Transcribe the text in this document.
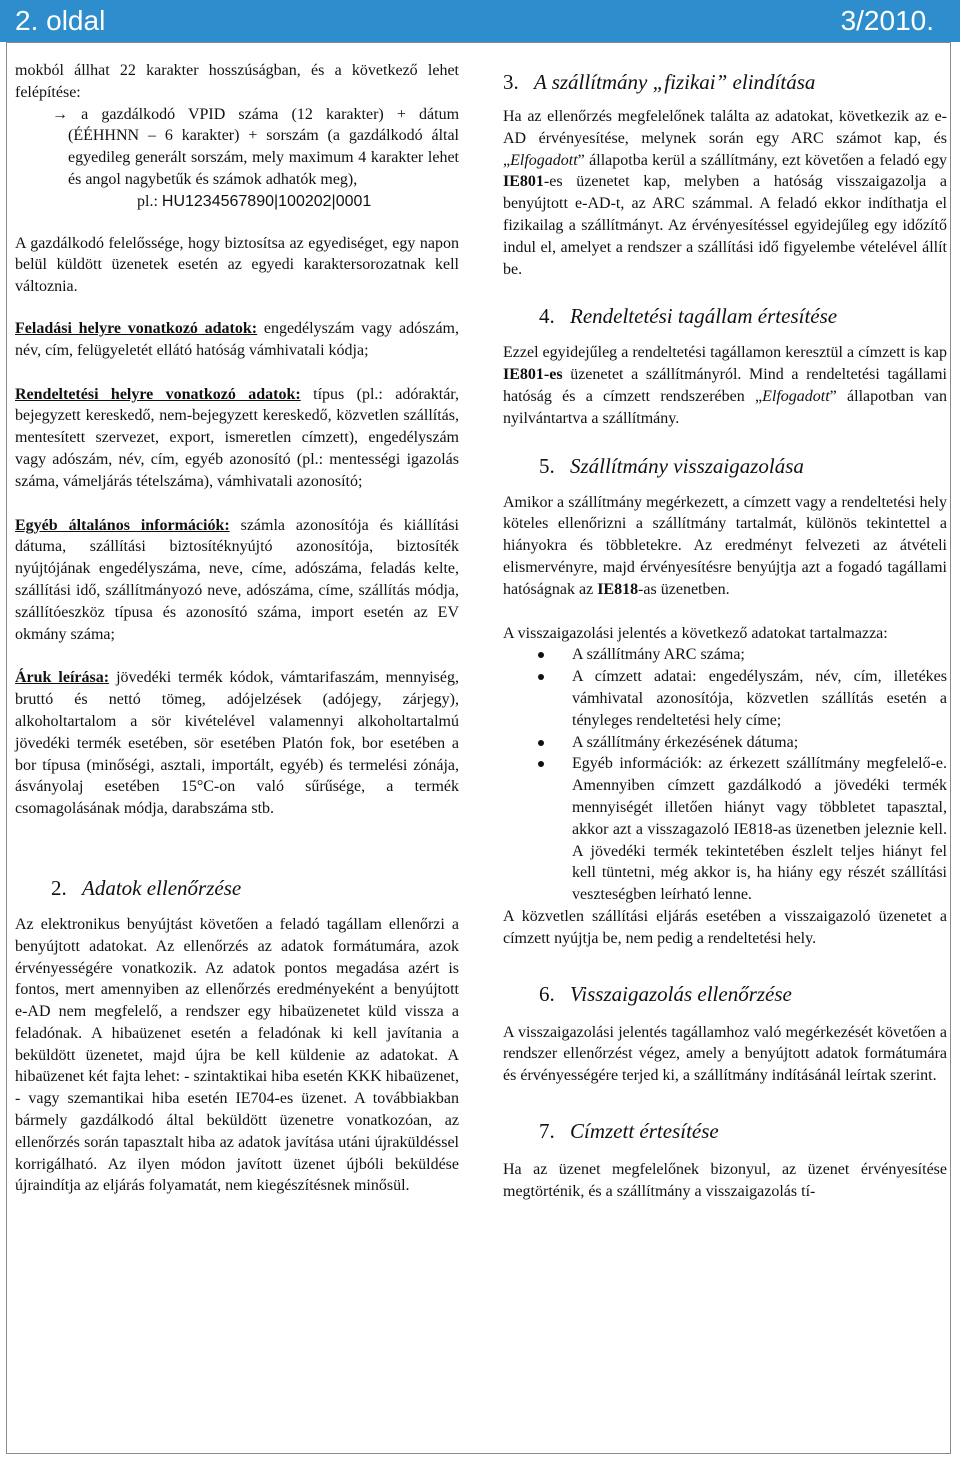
2. oldal	3/2010.

mokból állhat 22 karakter hosszúságban, és a következő lehet felépítése:

→ a gazdálkodó VPID száma (12 karakter) + dátum (ÉÉHHNN – 6 karakter) + sorszám (a gazdálkodó által egyedileg generált sorszám, mely maximum 4 karakter lehet és angol nagybetűk és számok adhatók meg),

pl.: HU1234567890|100202|0001

A gazdálkodó felelőssége, hogy biztosítsa az egyediséget, egy napon belül küldött üzenetek esetén az egyedi karaktersorozatnak kell változnia.

Feladási helyre vonatkozó adatok: engedélyszám vagy adószám, név, cím, felügyeletét ellátó hatóság vámhivatali kódja;

Rendeltetési helyre vonatkozó adatok: típus (pl.: adóraktár, bejegyzett kereskedő, nem-bejegyzett kereskedő, közvetlen szállítás, mentesített szervezet, export, ismeretlen címzett), engedélyszám vagy adószám, név, cím, egyéb azonosító (pl.: mentességi igazolás száma, vámeljárás tételszáma), vámhivatali azonosító;

Egyéb általános információk: számla azonosítója és kiállítási dátuma, szállítási biztosítéknyújtó azonosítója, biztosíték nyújtójának engedélyszáma, neve, címe, adószáma, feladás kelte, szállítási idő, szállítmányozó neve, adószáma, címe, szállítás módja, szállítóeszköz típusa és azonosító száma, import esetén az EV okmány száma;

Áruk leírása: jövedéki termék kódok, vámtarifaszám, mennyiség, bruttó és nettó tömeg, adójelzések (adójegy, zárjegy), alkoholtartalom a sör kivételével valamennyi alkoholtartalmú jövedéki termék esetében, sör esetében Platón fok, bor esetében a bor típusa (minőségi, asztali, importált, egyéb) és termelési zónája, ásványolaj esetében 15°C-on való sűrűsége, a termék csomagolásának módja, darabszáma stb.

2. Adatok ellenőrzése

Az elektronikus benyújtást követően a feladó tagállam ellenőrzi a benyújtott adatokat. Az ellenőrzés az adatok formátumára, azok érvényességére vonatkozik. Az adatok pontos megadása azért is fontos, mert amennyiben az ellenőrzés eredményeként a benyújtott e-AD nem megfelelő, a rendszer egy hibaüzenetet küld vissza a feladónak. A hibaüzenet esetén a feladónak ki kell javítania a beküldött üzenetet, majd újra be kell küldenie az adatokat. A hibaüzenet két fajta lehet: - szintaktikai hiba esetén KKK hibaüzenet, - vagy szemantikai hiba esetén IE704-es üzenet. A továbbiakban bármely gazdálkodó által beküldött üzenetre vonatkozóan, az ellenőrzés során tapasztalt hiba az adatok javítása utáni újraküldéssel korrigálható. Az ilyen módon javított üzenet újbóli beküldése újraindítja az eljárás folyamatát, nem kiegészítésnek minősül.

3. A szállítmány „fizikai” elindítása

Ha az ellenőrzés megfelelőnek találta az adatokat, következik az e-AD érvényesítése, melynek során egy ARC számot kap, és „Elfogadott” állapotba kerül a szállítmány, ezt követően a feladó egy IE801-es üzenetet kap, melyben a hatóság visszaigazolja a benyújtott e-AD-t, az ARC számmal. A feladó ekkor indíthatja el fizikailag a szállítmányt. Az érvényesítéssel egyidejűleg egy időzítő indul el, amelyet a rendszer a szállítási idő figyelembe vételével állít be.

4. Rendeltetési tagállam értesítése

Ezzel egyidejűleg a rendeltetési tagállamon keresztül a címzett is kap IE801-es üzenetet a szállítmányról. Mind a rendeltetési tagállami hatóság és a címzett rendszerében „Elfogadott” állapotban van nyilvántartva a szállítmány.

5. Szállítmány visszaigazolása

Amikor a szállítmány megérkezett, a címzett vagy a rendeltetési hely köteles ellenőrizni a szállítmány tartalmát, különös tekintettel a hiányokra és többletekre. Az eredményt felvezeti az átvételi elismervényre, majd érvényesítésre benyújtja azt a fogadó tagállami hatóságnak az IE818-as üzenetben.

A visszaigazolási jelentés a következő adatokat tartalmazza:

A szállítmány ARC száma;
A címzett adatai: engedélyszám, név, cím, illetékes vámhivatal azonosítója, közvetlen szállítás esetén a tényleges rendeltetési hely címe;
A szállítmány érkezésének dátuma;
Egyéb információk: az érkezett szállítmány megfelelő-e. Amennyiben címzett gazdálkodó a jövedéki termék mennyiségét illetően hiányt vagy többletet tapasztal, akkor azt a visszagazoló IE818-as üzenetben jeleznie kell. A jövedéki termék tekintetében észlelt teljes hiányt fel kell tüntetni, még akkor is, ha hiány egy részét szállítási veszteségben leírható lenne.

A közvetlen szállítási eljárás esetében a visszaigazoló üzenetet a címzett nyújtja be, nem pedig a rendeltetési hely.

6. Visszaigazolás ellenőrzése

A visszaigazolási jelentés tagállamhoz való megérkezését követően a rendszer ellenőrzést végez, amely a benyújtott adatok formátumára és érvényességére terjed ki, a szállítmány indításánál leírtak szerint.

7. Címzett értesítése

Ha az üzenet megfelelőnek bizonyul, az üzenet érvényesítése megtörténik, és a szállítmány a visszaigazolás tí-
